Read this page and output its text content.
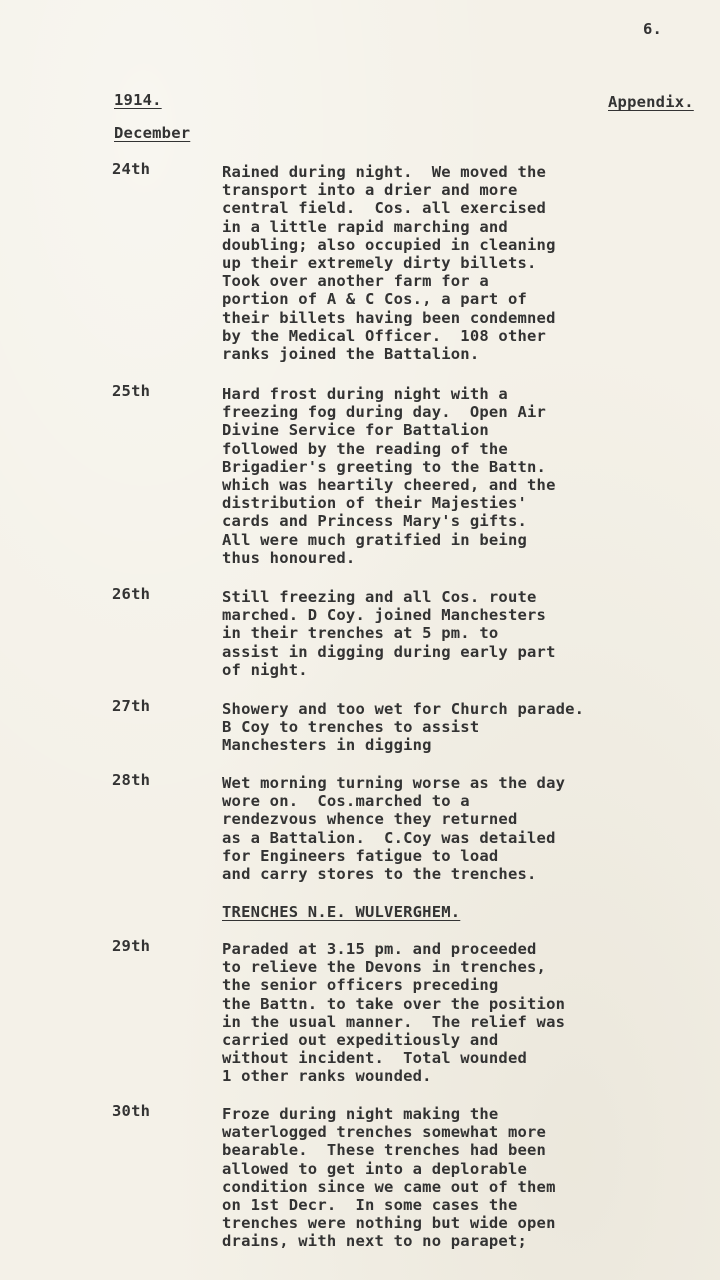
6.
1914.	Appendix.
December
24th	Rained during night.  We moved the
transport into a drier and more
central field.  Cos. all exercised
in a little rapid marching and
doubling; also occupied in cleaning
up their extremely dirty billets.
Took over another farm for a
portion of A & C Cos., a part of
their billets having been condemned
by the Medical Officer.  108 other
ranks joined the Battalion.
25th	Hard frost during night with a
freezing fog during day.  Open Air
Divine Service for Battalion
followed by the reading of the
Brigadier's greeting to the Battn.
which was heartily cheered, and the
distribution of their Majesties'
cards and Princess Mary's gifts.
All were much gratified in being
thus honoured.
26th	Still freezing and all Cos. route
marched. D Coy. joined Manchesters
in their trenches at 5 pm. to
assist in digging during early part
of night.
27th	Showery and too wet for Church parade.
B Coy to trenches to assist
Manchesters in digging
28th	Wet morning turning worse as the day
wore on.  Cos.marched to a
rendezvous whence they returned
as a Battalion.  C.Coy was detailed
for Engineers fatigue to load
and carry stores to the trenches.
TRENCHES N.E. WULVERGHEM.
29th	Paraded at 3.15 pm. and proceeded
to relieve the Devons in trenches,
the senior officers preceding
the Battn. to take over the position
in the usual manner.  The relief was
carried out expeditiously and
without incident.  Total wounded
1 other ranks wounded.
30th	Froze during night making the
waterlogged trenches somewhat more
bearable.  These trenches had been
allowed to get into a deplorable
condition since we came out of them
on 1st Decr.  In some cases the
trenches were nothing but wide open
drains, with next to no parapet;
